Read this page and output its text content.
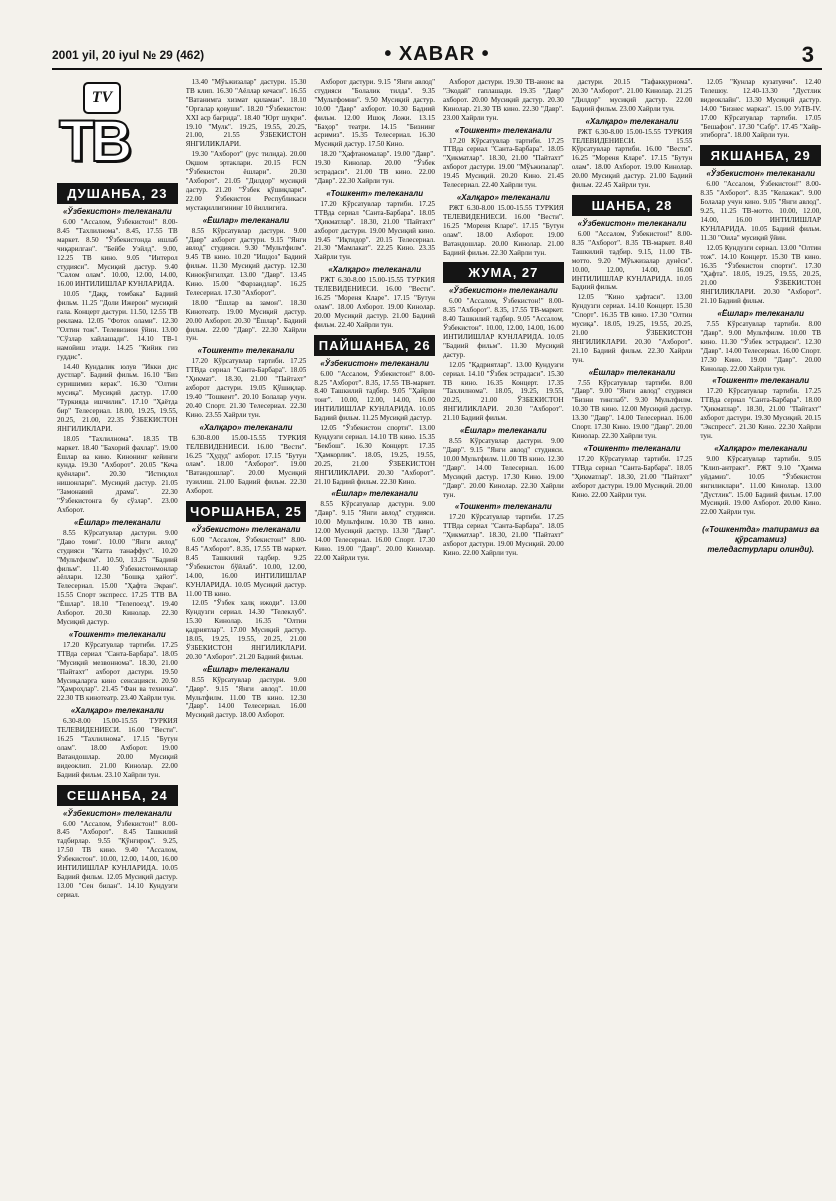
2001 yil, 20 iyul № 29 (462)	• XABAR •	3
TV
TB
ДУШАНБА, 23
«Ўзбекистон» телеканали

6.00 "Ассалом, Ўзбекистон!" 8.00-8.45 "Тахлилнома". 8.45, 17.55 ТВ маркет. 8.50 "Ўзбекистонда ишлаб чиқарилган". "Бейбе Уэйлд". 9.00, 12.25 ТВ кино. 9.05 "Интерол студияси". Мусиқий дастур. 9.40 "Салом олам". 10.00, 12.00, 14.00, 16.00 ИНТИЛИШЛАР КУНЛАРИДА.

10.05 "Даққ, томбака" Бадиий фильм. 11.25 "Доли Ижерон" мусиқий гала. Концерт дастури. 11.50, 12.55 ТВ реклама. 12.05 "Фотох олами". 12.30 "Олтин тож". Телевизион ўйин. 13.00 "Сўзлар хайлашади". 14.10 ТВ-1 намойиш этади. 14.25 "Кийик гиз гуддис".

14.40 Кундалик юлув "Икки дис дустлар". Бадиий фильм. 16.10 "Биз суришимиз керак". 16.30 "Олтин мусиқа". Мусиқий дастур. 17.00 "Туркияда ишчилик". 17.10 "Ҳаётда бир" Телесериал. 18.00, 19.25, 19.55, 20.25, 21.00, 22.35 ЎЗБЕКИСТОН ЯНГИЛИКЛАРИ.

18.05 "Тахлилнома". 18.35 ТВ маркет. 18.40 "Бахорий фахлар". 19.00 Ёшлар ва кино. Кинонинг кейинги кунда. 19.30 "Ахборот". 20.05 "Кеча қуёнлари". 20.30 "Истиқлол нишонлари". Мусиқий дастур. 21.05 "Замонавий драма". 22.30 "Ўзбекистонга бу сўзлар". 23.00 Ахборот.

«Ёшлар» телеканали

8.55 Кўрсатувлар дастури. 9.00 "Даво томи". 10.00 "Янги авлод" студияси "Катта танаффус". 10.20 "Мультфилм". 10.50, 13.25 "Бадиий фильм". 11.40 Ўзбекистонмонлар аёллари. 12.30 "Бошқа ҳайот". Телесериал. 15.00 "Ҳафта Экран". 15.55 Спорт экспресс. 17.25 ТТВ ВА "Ёшлар". 18.10 "Телепоезд". 19.40 Ахборот. 20.30 Кинолар. 22.30 Мусиқий дастур.

«Тошкент» телеканали

17.20 Кўрсатувлар тартиби. 17.25 ТТВда сериал "Санта-Барбара". 18.05 "Мусиқий мезвоннома". 18.30, 21.00 "Пайтахт" ахборот дастури. 19.50 Мусиқаларга кино сенсацияси. 20.50 "Ҳамроҳлар". 21.45 "Фан ва техника". 22.30 ТВ кинотеатр. 23.40 Хайрли тун.

«Халқаро» телеканали

6.30-8.00 15.00-15.55 ТУРКИЯ ТЕЛЕВИДЕНИЕСИ. 16.00 "Вести". 16.25 "Тахлилнома". 17.15 "Бутун олам". 18.00 Ахборот. 19.00 Ватандошлар. 20.00 Мусиқий видеоклип. 21.00 Кинолар. 22.00 Бадиий фильм. 23.10 Хайрли тун.

СЕШАНБА, 24
«Ўзбекистон» телеканали

6.00 "Ассалом, Ўзбекистон!" 8.00-8.45 "Ахборот". 8.45 Ташкилий тадбирлар. 9.55 "Қўнғироқ". 9.25, 17.50 ТВ кино. 9.40 "Ассалом, Ўзбекистон". 10.00, 12.00, 14.00, 16.00 ИНТИЛИШЛАР КУНЛАРИДА. 10.05 Бадиий фильм. 12.05 Мусиқий дастур. 13.00 "Сен билан". 14.10 Кундузги сериал.

13.40 "Мўъжизалар" дастури. 15.30 ТВ клип. 16.30 "Аёллар кечаси". 16.55 "Ватанимга хизмат қиламан". 18.10 "Оргалар қовуши". 18.20 "Ўзбекистон: XXI аср бағрида". 18.40 "Юрт шукри". 19.10 "Мулк". 19.25, 19.55, 20.25, 21.00, 21.55 ЎЗБЕКИСТОН ЯНГИЛИКЛАРИ.

19.30 "Ахборот" (рус тилида). 20.00 Оқшом эртаклари. 20.15 FCN "Ўзбекистон ёшлари". 20.30 "Ахборот". 21.05 "Дилдор" мусиқий дастур. 21.20 "Ўзбек қўшиқлари". 22.00 Ўзбекистон Республикаси мустақиллигининг 10 йиллигига.

«Ёшлар» телеканали

8.55 Кўрсатувлар дастури. 9.00 "Давр" ахборот дастури. 9.15 "Янги авлод" студияси. 9.30 "Мультфилм". 9.45 ТВ кино. 10.20 "Ишдоз" Бадиий фильм. 11.30 Мусиқий дастур. 12.30 Кинокўнгилҳат. 13.00 "Давр". 13.45 Кино. 15.00 "Фарзандлар". 16.25 Телесериал. 17.30 "Ахборот".

18.00 "Ёшлар ва замон". 18.30 Кинотеатр. 19.00 Мусиқий дастур. 20.00 Ахборот. 20.30 "Ёшлар". Бадиий фильм. 22.00 "Давр". 22.30 Хайрли тун.

«Тошкент» телеканали

17.20 Кўрсатувлар тартиби. 17.25 ТТВда сериал "Санта-Барбара". 18.05 "Ҳикмат". 18.30, 21.00 "Пайтахт" ахборот дастури. 19.05 Қўшиқлар. 19.40 "Тошкент". 20.10 Болалар учун. 20.40 Спорт. 21.30 Телесериал. 22.30 Кино. 23.55 Хайрли тун.

«Халқаро» телеканали

6.30-8.00 15.00-15.55 ТУРКИЯ ТЕЛЕВИДЕНИЕСИ. 16.00 "Вести". 16.25 "Ҳудуд" ахборот. 17.15 "Бутун олам". 18.00 "Ахборот". 19.00 "Ватандошлар". 20.00 Мусиқий тузилиш. 21.00 Бадиий фильм. 22.30 Ахборот.

ЧОРШАНБА, 25
«Ўзбекистон» телеканали

6.00 "Ассалом, Ўзбекистон!" 8.00-8.45 "Ахборот". 8.35, 17.55 ТВ маркет. 8.45 Ташкилий тадбир. 9.25 "Ўзбекистон бўйлаб". 10.00, 12.00, 14.00, 16.00 ИНТИЛИШЛАР КУНЛАРИДА. 10.05 Мусиқий дастур. 11.00 ТВ кино.

12.05 "Ўзбек халқ ижоди". 13.00 Кундузги сериал. 14.30 "Телеклуб". 15.30 Кинолар. 16.35 "Олтин қадриятлар". 17.00 Мусиқий дастур. 18.05, 19.25, 19.55, 20.25, 21.00 ЎЗБЕКИСТОН ЯНГИЛИКЛАРИ. 20.30 "Ахборот". 21.20 Бадиий фильм.

«Ёшлар» телеканали

8.55 Кўрсатувлар дастури. 9.00 "Давр". 9.15 "Янги авлод". 10.00 Мультфилм. 11.00 ТВ кино. 12.30 "Давр". 14.00 Телесериал. 16.00 Мусиқий дастур. 18.00 Ахборот.

Ахборот дастури. 9.15 "Янги авлод" студияси "Болалик тилда". 9.35 "Мультфомни". 9.50 Мусиқий дастур. 10.00 "Давр" ахборот. 10.30 Бадиий фильм. 12.00 Ишоқ Ложи. 13.15 "Баҳор" театри. 14.15 "Бизнинг асримиз". 15.35 Телесериал. 16.30 Мусиқий дастур. 17.50 Кино.

18.20 "Ҳафтаномалар". 19.00 "Давр". 19.30 Кинолар. 20.00 "Ўзбек эстрадаси". 21.00 ТВ кино. 22.00 "Давр". 22.30 Хайрли тун.

«Тошкент» телеканали

17.20 Кўрсатувлар тартиби. 17.25 ТТВда сериал "Санта-Барбара". 18.05 "Ҳикматлар". 18.30, 21.00 "Пайтахт" ахборот дастури. 19.00 Мусиқий кино. 19.45 "Иқтидор". 20.15 Телесериал. 21.30 "Мамлакат". 22.25 Кино. 23.35 Хайрли тун.

«Халқаро» телеканали

РЖТ 6.30-8.00 15.00-15.55 ТУРКИЯ ТЕЛЕВИДЕНИЕСИ. 16.00 "Вести". 16.25 "Мореня Кларе". 17.15 "Бутун олам". 18.00 Ахборот. 19.00 Кинолар. 20.00 Мусиқий дастур. 21.00 Бадиий фильм. 22.40 Хайрли тун.

ПАЙШАНБА, 26
«Ўзбекистон» телеканали

6.00 "Ассалом, Ўзбекистон!" 8.00-8.25 "Ахборот". 8.35, 17.55 ТВ-маркет. 8.40 Ташкилий тадбир. 9.05 "Ҳайрли тонг". 10.00, 12.00, 14.00, 16.00 ИНТИЛИШЛАР КУНЛАРИДА. 10.05 Бадиий фильм. 11.25 Мусиқий дастур.

12.05 "Ўзбекистон спорти". 13.00 Кундузги сериал. 14.10 ТВ кино. 15.35 "Бекбош". 16.30 Концерт. 17.35 "Ҳамкорлик". 18.05, 19.25, 19.55, 20.25, 21.00 ЎЗБЕКИСТОН ЯНГИЛИКЛАРИ. 20.30 "Ахборот". 21.10 Бадиий фильм. 22.30 Кино.

«Ёшлар» телеканали

8.55 Кўрсатувлар дастури. 9.00 "Давр". 9.15 "Янги авлод" студияси. 10.00 Мультфилм. 10.30 ТВ кино. 12.00 Мусиқий дастур. 13.30 "Давр". 14.00 Телесериал. 16.00 Спорт. 17.30 Кино. 19.00 "Давр". 20.00 Кинолар. 22.00 Хайрли тун.

Ахборот дастури. 19.30 ТВ-анонс ва "Экодай" гаплашади. 19.35 "Давр" ахборот. 20.00 Мусиқий дастур. 20.30 Кинолар. 21.30 ТВ кино. 22.30 "Давр". 23.00 Хайрли тун.

«Тошкент» телеканали

17.20 Кўрсатувлар тартиби. 17.25 ТТВда сериал "Санта-Барбара". 18.05 "Ҳикматлар". 18.30, 21.00 "Пайтахт" ахборот дастури. 19.00 "Мўъжизалар". 19.45 Мусиқий. 20.20 Кино. 21.45 Телесериал. 22.40 Хайрли тун.

«Халқаро» телеканали

РЖТ 6.30-8.00 15.00-15.55 ТУРКИЯ ТЕЛЕВИДЕНИЕСИ. 16.00 "Вести". 16.25 "Мореня Кларе". 17.15 "Бутун олам". 18.00 Ахборот. 19.00 Ватандошлар. 20.00 Кинолар. 21.00 Бадиий фильм. 22.30 Хайрли тун.

ЖУМА, 27
«Ўзбекистон» телеканали

6.00 "Ассалом, Ўзбекистон!" 8.00-8.35 "Ахборот". 8.35, 17.55 ТВ-маркет. 8.40 Ташкилий тадбир. 9.05 "Ассалом, Ўзбекистон". 10.00, 12.00, 14.00, 16.00 ИНТИЛИШЛАР КУНЛАРИДА. 10.05 "Бадиий фильм". 11.30 Мусиқий дастур.

12.05 "Қадриятлар". 13.00 Кундузги сериал. 14.10 "Ўзбек эстрадаси". 15.30 ТВ кино. 16.35 Концерт. 17.35 "Тахлилнома". 18.05, 19.25, 19.55, 20.25, 21.00 ЎЗБЕКИСТОН ЯНГИЛИКЛАРИ. 20.30 "Ахборот". 21.10 Бадиий фильм.

«Ёшлар» телеканали

8.55 Кўрсатувлар дастури. 9.00 "Давр". 9.15 "Янги авлод" студияси. 10.00 Мультфилм. 11.00 ТВ кино. 12.30 "Давр". 14.00 Телесериал. 16.00 Мусиқий дастур. 17.30 Кино. 19.00 "Давр". 20.00 Кинолар. 22.30 Хайрли тун.

«Тошкент» телеканали

17.20 Кўрсатувлар тартиби. 17.25 ТТВда сериал "Санта-Барбара". 18.05 "Ҳикматлар". 18.30, 21.00 "Пайтахт" ахборот дастури. 19.00 Мусиқий. 20.00 Кино. 22.00 Хайрли тун.

дастури. 20.15 "Тафаккурнома". 20.30 "Ахборот". 21.00 Кинолар. 21.25 "Дилдор" мусиқий дастур. 22.00 Бадиий фильм. 23.00 Хайрли тун.

«Халқаро» телеканали

РЖТ 6.30-8.00 15.00-15.55 ТУРКИЯ ТЕЛЕВИДЕНИЕСИ. 15.55 Кўрсатувлар тартиби. 16.00 "Вести". 16.25 "Мореня Кларе". 17.15 "Бутун олам". 18.00 Ахборот. 19.00 Кинолар. 20.00 Мусиқий дастур. 21.00 Бадиий фильм. 22.45 Хайрли тун.

ШАНБА, 28
«Ўзбекистон» телеканали

6.00 "Ассалом, Ўзбекистон!" 8.00-8.35 "Ахборот". 8.35 ТВ-маркет. 8.40 Ташкилий тадбир. 9.15, 11.00 ТВ-мотто. 9.20 "Мўъжизалар дунёси". 10.00, 12.00, 14.00, 16.00 ИНТИЛИШЛАР КУНЛАРИДА. 10.05 Бадиий фильм.

12.05 "Кино ҳафтаси". 13.00 Кундузги сериал. 14.10 Концерт. 15.30 "Спорт". 16.35 ТВ кино. 17.30 "Олтин мусиқа". 18.05, 19.25, 19.55, 20.25, 21.00 ЎЗБЕКИСТОН ЯНГИЛИКЛАРИ. 20.30 "Ахборот". 21.10 Бадиий фильм. 22.30 Хайрли тун.

«Ёшлар» телеканали

7.55 Кўрсатувлар тартиби. 8.00 "Давр". 9.00 "Янги авлод" студияси "Бизни тинглаб". 9.30 Мультфилм. 10.30 ТВ кино. 12.00 Мусиқий дастур. 13.30 "Давр". 14.00 Телесериал. 16.00 Спорт. 17.30 Кино. 19.00 "Давр". 20.00 Кинолар. 22.30 Хайрли тун.

«Тошкент» телеканали

17.20 Кўрсатувлар тартиби. 17.25 ТТВда сериал "Санта-Барбара". 18.05 "Ҳикматлар". 18.30, 21.00 "Пайтахт" ахборот дастури. 19.00 Мусиқий. 20.00 Кино. 22.00 Хайрли тун.

12.05 "Кунлар кузатувчи". 12.40 Телешоу. 12.40-13.30 "Дустлик видеоклайн". 13.30 Мусиқий дастур. 14.00 "Бизнес марказ". 15.00 УзТВ-IV. 17.00 Кўрсатувлар тартиби. 17.05 "Бешафон". 17.30 "Сабр". 17.45 "Хайр-этиборга". 18.00 Хайрли тун.

ЯКШАНБА, 29
«Ўзбекистон» телеканали

6.00 "Ассалом, Ўзбекистон!" 8.00-8.35 "Ахборот". 8.35 "Келажак". 9.00 Болалар учун кино. 9.05 "Янги авлод". 9.25, 11.25 ТВ-мотто. 10.00, 12.00, 14.00, 16.00 ИНТИЛИШЛАР КУНЛАРИДА. 10.05 Бадиий фильм. 11.30 "Оила" мусиқий ўйин.

12.05 Кундузги сериал. 13.00 "Олтин тож". 14.10 Концерт. 15.30 ТВ кино. 16.35 "Ўзбекистон спорти". 17.30 "Ҳафта". 18.05, 19.25, 19.55, 20.25, 21.00 ЎЗБЕКИСТОН ЯНГИЛИКЛАРИ. 20.30 "Ахборот". 21.10 Бадиий фильм.

«Ёшлар» телеканали

7.55 Кўрсатувлар тартиби. 8.00 "Давр". 9.00 Мультфилм. 10.00 ТВ кино. 11.30 "Ўзбек эстрадаси". 12.30 "Давр". 14.00 Телесериал. 16.00 Спорт. 17.30 Кино. 19.00 "Давр". 20.00 Кинолар. 22.00 Хайрли тун.

«Тошкент» телеканали

17.20 Кўрсатувлар тартиби. 17.25 ТТВда сериал "Санта-Барбара". 18.00 "Ҳикматлар". 18.30, 21.00 "Пайтахт" ахборот дастури. 19.30 Мусиқий. 20.15 "Экспресс". 21.30 Кино. 22.30 Хайрли тун.

«Халқаро» телеканали

9.00 Кўрсатувлар тартиби. 9.05 "Клип-антракт". РЖТ 9.10 "Ҳамма уйдамиз". 10.05 "Ўзбекистон янгиликлари". 11.00 Кинолар. 13.00 "Дустлик". 15.00 Бадиий фильм. 17.00 Мусиқий. 19.00 Ахборот. 20.00 Кино. 22.00 Хайрли тун.

(«Тошкентда» тапирамиз ва қўрсатамиз) теледастурлари олинди).
